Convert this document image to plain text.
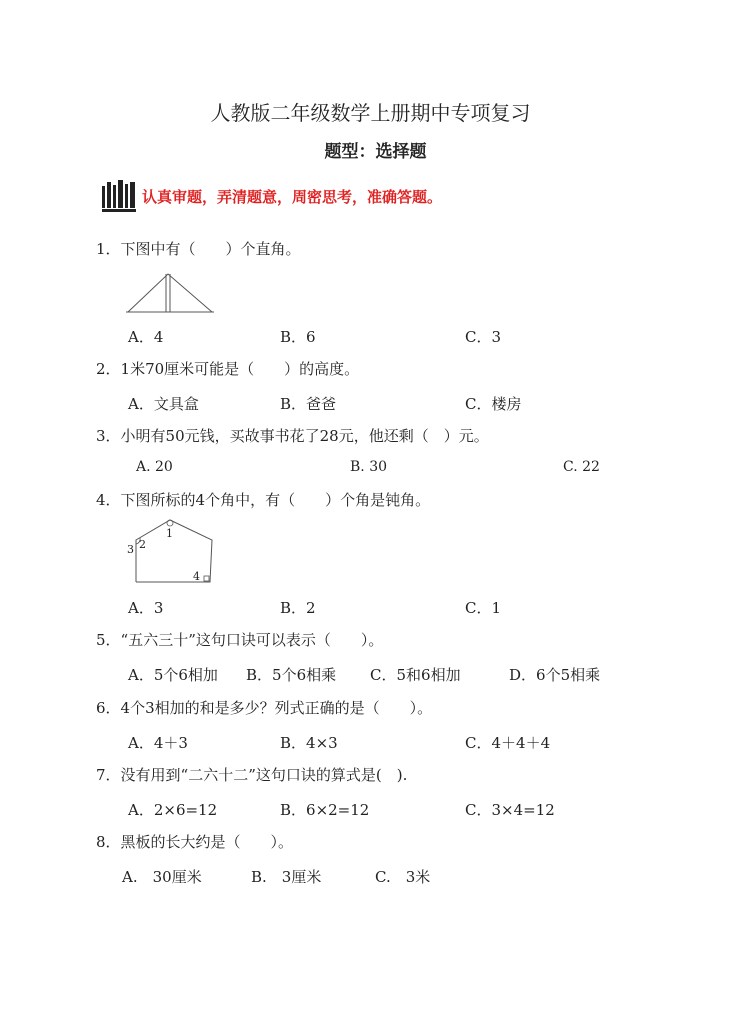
人教版二年级数学上册期中专项复习
题型：选择题
认真审题，弄清题意，周密思考，准确答题。
1．下图中有（　　）个直角。
A．4	B．6	C．3
2．1米70厘米可能是（　　）的高度。
A．文具盒	B．爸爸	C．楼房
3．小明有50元钱，买故事书花了28元，他还剩（　）元。
A. 20	B. 30	C. 22
4．下图所标的4个角中，有（　　）个角是钝角。
1
2
3
4
A．3	B．2	C．1
5．“五六三十”这句口诀可以表示（　　）。
A．5个6相加 B．5个6相乘 C．5和6相加	D．6个5相乘
6．4个3相加的和是多少？列式正确的是（　　）。
A．4＋3	B．4×3	C．4＋4＋4
7．没有用到“二六十二”这句口诀的算式是(　).
A．2×6=12	B．6×2=12	C．3×4=12
8．黑板的长大约是（　　）。
A.　30厘米	B.　3厘米	C.　3米
